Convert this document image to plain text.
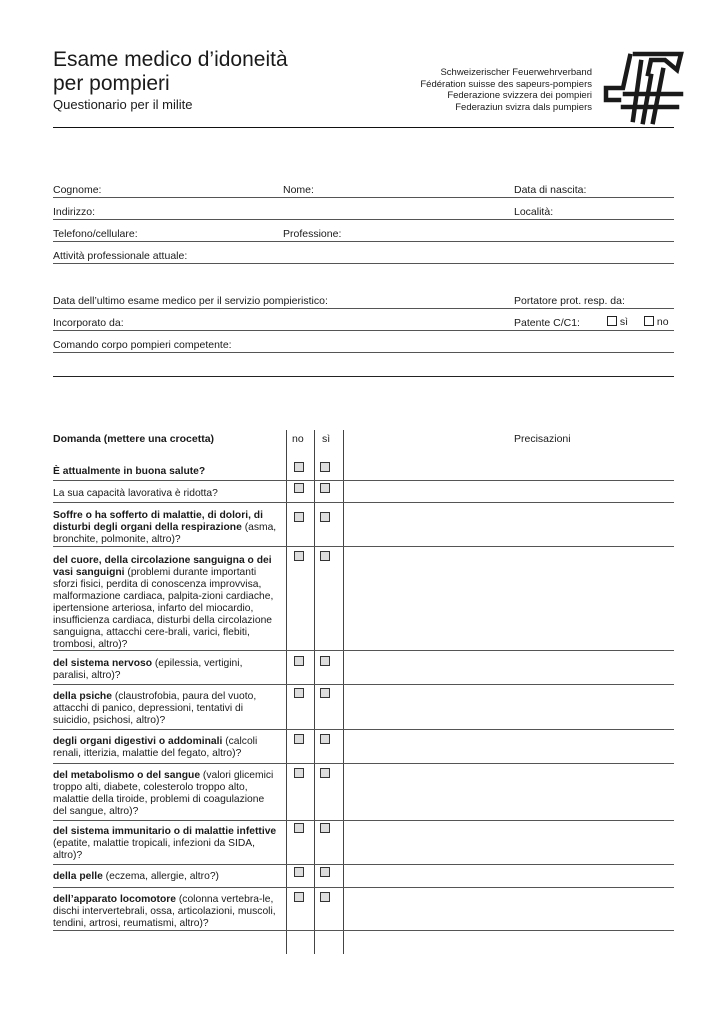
Esame medico d’idoneità
per pompieri
Questionario per il milite
Schweizerischer Feuerwehrverband
Fédération suisse des sapeurs-pompiers
Federazione svizzera dei pompieri
Federaziun svizra dals pumpiers
Cognome:	Nome:	Data di nascita:
Indirizzo:	Località:
Telefono/cellulare:	Professione:
Attività professionale attuale:
Data dell’ultimo esame medico per il servizio pompieristico:	Portatore prot. resp. da:
Incorporato da:	Patente C/C1:	sì	no
Comando corpo pompieri competente:
Domanda (mettere una crocetta)	no sì	Precisazioni
È attualmente in buona salute?
La sua capacità lavorativa è ridotta?
Soffre o ha sofferto di malattie, di dolori, di disturbi degli organi della respirazione (asma, bronchite, polmonite, altro)?
del cuore, della circolazione sanguigna o dei vasi sanguigni (problemi durante importanti sforzi fisici, perdita di conoscenza improvvisa, malformazione cardiaca, palpita-zioni cardiache, ipertensione arteriosa, infarto del miocardio, insufficienza cardiaca, disturbi della circolazione sanguigna, attacchi cere-brali, varici, flebiti, trombosi, altro)?
del sistema nervoso (epilessia, vertigini, paralisi, altro)?
della psiche (claustrofobia, paura del vuoto, attacchi di panico, depressioni, tentativi di suicidio, psichosi, altro)?
degli organi digestivi o addominali (calcoli renali, itterizia, malattie del fegato, altro)?
del metabolismo o del sangue (valori glicemici troppo alti, diabete, colesterolo troppo alto, malattie della tiroide, problemi di coagulazione del sangue, altro)?
del sistema immunitario o di malattie infettive (epatite, malattie tropicali, infezioni da SIDA, altro)?
della pelle (eczema, allergie, altro?)
dell’apparato locomotore (colonna vertebra-le, dischi intervertebrali, ossa, articolazioni, muscoli, tendini, artrosi, reumatismi, altro)?
